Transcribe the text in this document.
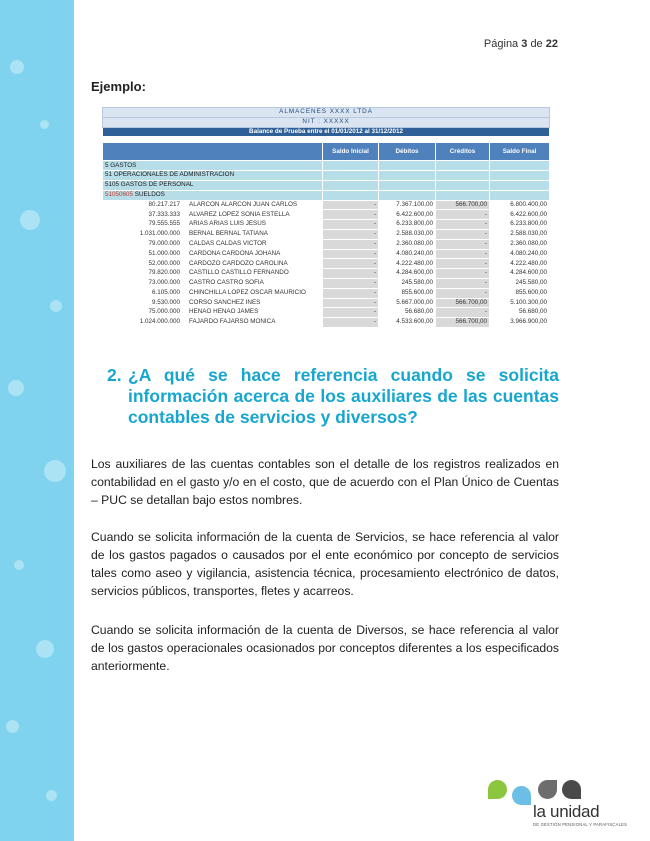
Página 3 de 22
Ejemplo:
ALMACENES XXXX LTDA					
NIT : XXXXX					
Balance de Prueba entre el 01/01/2012 al 31/12/2012					

		Saldo Inicial	Débitos	Créditos	Saldo Final
5 GASTOS					
51 OPERACIONALES DE ADMINISTRACION					
5105 GASTOS DE PERSONAL					
51050605 SUELDOS					
80.217.217	ALARCON ALARCON JUAN CARLOS	-	7.367.100,00	566.700,00	6.800.400,00
37.333.333	ALVAREZ LOPEZ SONIA ESTELLA	-	6.422.600,00	-	6.422.600,00
79.555.555	ARIAS ARIAS LUIS JESUS	-	6.233.800,00	-	6.233.800,00
1.031.000.000	BERNAL BERNAL TATIANA	-	2.588.030,00	-	2.588.030,00
79.000.000	CALDAS CALDAS VICTOR	-	2.360.080,00	-	2.360.080,00
51.000.000	CARDONA CARDONA JOHANA	-	4.080.240,00	-	4.080.240,00
52.000.000	CARDOZO CARDOZO CAROLINA	-	4.222.480,00	-	4.222.480,00
79.820.000	CASTILLO CASTILLO FERNANDO	-	4.284.600,00	-	4.284.600,00
73.000.000	CASTRO CASTRO SOFIA	-	245.580,00	-	245.580,00
6.105.000	CHINCHILLA LOPEZ OSCAR MAURICIO	-	855.600,00	-	855.600,00
9.530.000	CORSO SANCHEZ INES	-	5.667.000,00	566.700,00	5.100.300,00
75.000.000	HENAO HENAO JAMES	-	56.680,00	-	56.680,00
1.024.000.000	FAJARDO FAJARSO MONICA	-	4.533.600,00	566.700,00	3.966.900,00
2. ¿A qué se hace referencia cuando se solicita información acerca de los auxiliares de las cuentas contables de servicios y diversos?
Los auxiliares de las cuentas contables son el detalle de los registros realizados en contabilidad en el gasto y/o en el costo, que de acuerdo con el Plan Único de Cuentas – PUC se detallan bajo estos nombres.
Cuando se solicita información de la cuenta de Servicios, se hace referencia al valor de los gastos pagados o causados por el ente económico por concepto de servicios tales como aseo y vigilancia, asistencia técnica, procesamiento electrónico de datos, servicios públicos, transportes, fletes y acarreos.
Cuando se solicita información de la cuenta de Diversos, se hace referencia al valor de los gastos operacionales ocasionados por conceptos diferentes a los especificados anteriormente.
la unidad
DE GESTIÓN PENSIONAL Y PARAFISCALES
